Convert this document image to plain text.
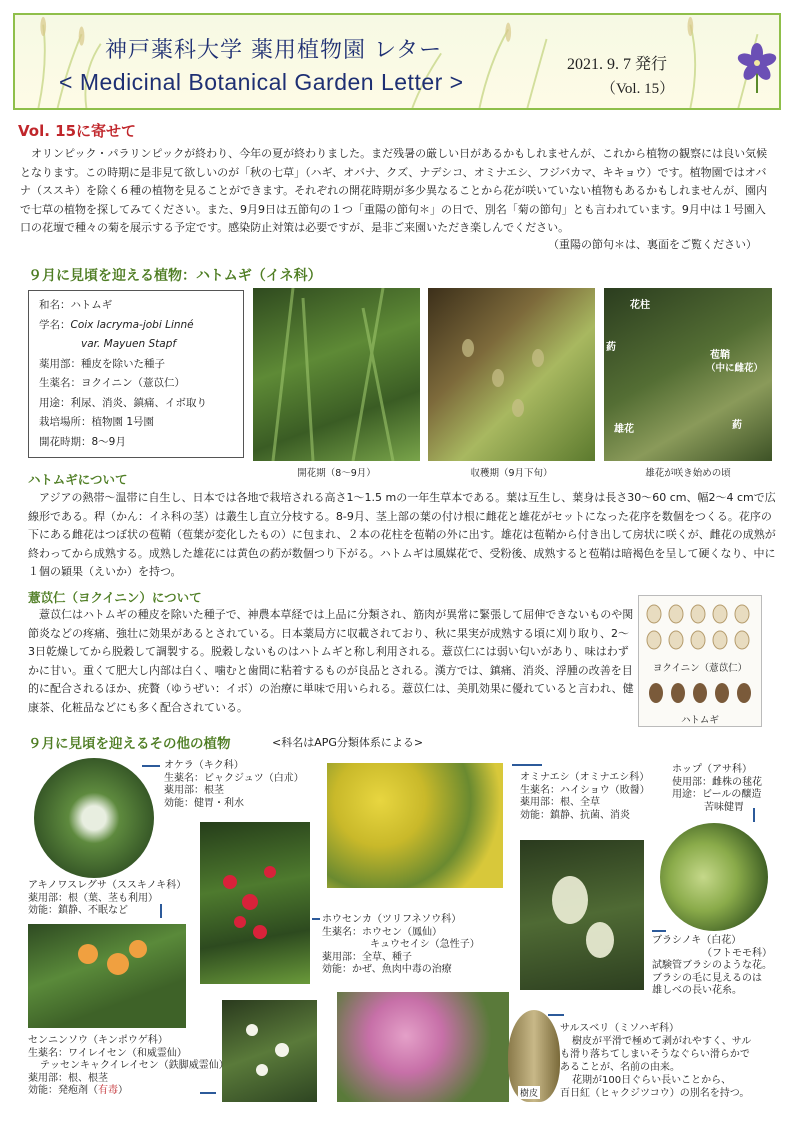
神戸薬科大学 薬用植物園 レター
< Medicinal Botanical Garden Letter >
2021. 9. 7 発行
（Vol. 15）
Vol. 15に寄せて
オリンピック・パラリンピックが終わり、今年の夏が終わりました。まだ残暑の厳しい日があるかもしれませんが、これから植物の観察には良い気候となります。この時期に是非見て欲しいのが「秋の七草」（ハギ、オバナ、クズ、ナデシコ、オミナエシ、フジバカマ、キキョウ）です。植物園ではオバナ（ススキ）を除く６種の植物を見ることができます。それぞれの開花時期が多少異なることから花が咲いていない植物もあるかもしれませんが、園内で七草の植物を探してみてください。また、9月9日は五節句の１つ「重陽の節句＊」の日で、別名「菊の節句」とも言われています。9月中は１号園入口の花壇で種々の菊を展示する予定です。感染防止対策は必要ですが、是非ご来園いただき楽しんでください。
（重陽の節句＊は、裏面をご覧ください）
９月に見頃を迎える植物：ハトムギ（イネ科）
和名：ハトムギ
学名：Coix lacryma-jobi Linné
var. Mayuen Stapf
薬用部：種皮を除いた種子
生薬名：ヨクイニン（薏苡仁）
用途：利尿、消炎、鎮痛、イボ取り
栽培場所：植物園 1号園
開花時期：8～9月
花柱
葯
苞鞘
（中に雌花）
葯
雄花
開花期（8～9月）	収穫期（9月下旬）	雄花が咲き始めの頃
ハトムギについて
アジアの熱帯～温帯に自生し、日本では各地で栽培される高さ1～1.5 mの一年生草本である。葉は互生し、葉身は長さ30～60 cm、幅2～4 cmで広線形である。稈（かん：イネ科の茎）は叢生し直立分枝する。8-9月、茎上部の葉の付け根に雌花と雄花がセットになった花序を数個をつくる。花序の下にある雌花はつぼ状の苞鞘（苞葉が変化したもの）に包まれ、２本の花柱を苞鞘の外に出す。雄花は苞鞘から付き出して房状に咲くが、雌花の成熟が終わってから成熟する。成熟した雄花には黄色の葯が数個つり下がる。ハトムギは風媒花で、受粉後、成熟すると苞鞘は暗褐色を呈して硬くなり、中に１個の穎果（えいか）を持つ。
薏苡仁（ヨクイニン）について
薏苡仁はハトムギの種皮を除いた種子で、神農本草経では上品に分類され、筋肉が異常に緊張して屈伸できないものや関節炎などの疼痛、強壮に効果があるとされている。日本薬局方に収載されており、秋に果実が成熟する頃に刈り取り、2～3日乾燥してから脱穀して調製する。脱穀しないものはハトムギと称し利用される。薏苡仁には弱い匂いがあり、味はわずかに甘い。重くて肥大し内部は白く、噛むと歯間に粘着するものが良品とされる。漢方では、鎮痛、消炎、浮腫の改善を目的に配合されるほか、疣贅（ゆうぜい：イボ）の治療に単味で用いられる。薏苡仁は、美肌効果に優れていると言われ、健康茶、化粧品などにも多く配合されている。
ヨクイニン（薏苡仁）
ハトムギ
９月に見頃を迎えるその他の植物	<科名はAPG分類体系による>
オケラ（キク科）
生薬名：ビャクジュツ（白朮）
薬用部：根茎
効能：健胃・利水
オミナエシ（オミナエシ科）
生薬名：ハイショウ（敗醤）
薬用部：根、全草
効能：鎮静、抗菌、消炎
ホップ（アサ科）
使用部：雌株の毬花
用途：ビールの醸造
苦味健胃
アキノワスレグサ（ススキノキ科）
薬用部：根（葉、茎も利用）
効能：鎮静、不眠など
ホウセンカ（ツリフネソウ科）
生薬名：ホウセン（鳳仙）
キュウセイシ（急性子）
薬用部：全草、種子
効能：かぜ、魚肉中毒の治療
ブラシノキ（白花）
（フトモモ科）
試験管ブラシのような花。
ブラシの毛に見えるのは
雄しべの長い花糸。
センニンソウ（キンポウゲ科）
生薬名：ワイレイセン（和威霊仙）
テッセンキャクイレイセン（鉄脚威霊仙）
薬用部：根、根茎
効能：発疱剤（有毒）	樹皮
サルスベリ（ミソハギ科）
樹皮が平滑で極めて剥がれやすく、サル
も滑り落ちてしまいそうなぐらい滑らかで
あることが、名前の由来。
花期が100日ぐらい長いことから、
百日紅（ヒャクジツコウ）の別名を持つ。
